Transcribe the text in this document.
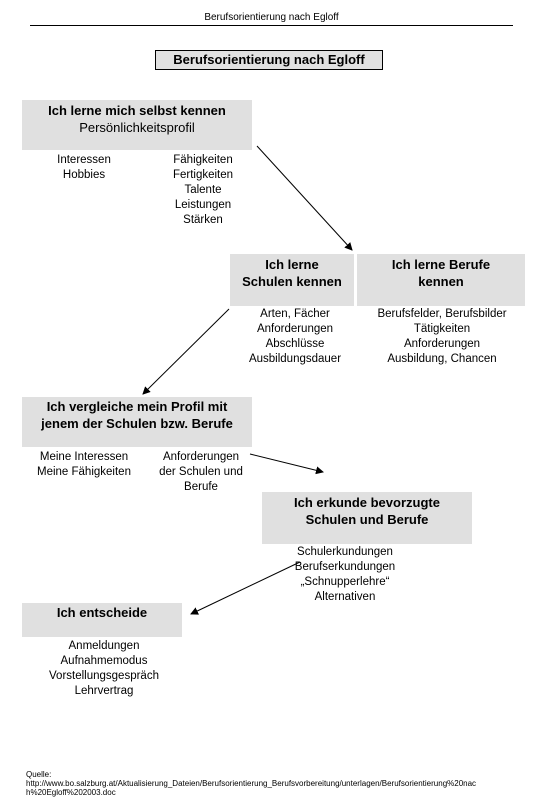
Berufsorientierung nach Egloff
Berufsorientierung nach Egloff
Ich lerne mich selbst kennen
Persönlichkeitsprofil
Interessen
Hobbies
Fähigkeiten
Fertigkeiten
Talente
Leistungen
Stärken
Ich lerne
Schulen kennen
Arten, Fächer
Anforderungen
Abschlüsse
Ausbildungsdauer
Ich lerne Berufe
kennen
Berufsfelder, Berufsbilder
Tätigkeiten
Anforderungen
Ausbildung, Chancen
Ich vergleiche mein Profil mit
jenem der Schulen bzw. Berufe
Meine Interessen
Meine Fähigkeiten
Anforderungen
der Schulen und
Berufe
Ich erkunde bevorzugte
Schulen und Berufe
Schulerkundungen
Berufserkundungen
„Schnupperlehre“
Alternativen
Ich entscheide
Anmeldungen
Aufnahmemodus
Vorstellungsgespräch
Lehrvertrag
Quelle:
http://www.bo.salzburg.at/Aktualisierung_Dateien/Berufsorientierung_Berufsvorbereitung/unterlagen/Berufsorientierung%20nac
h%20Egloff%202003.doc
